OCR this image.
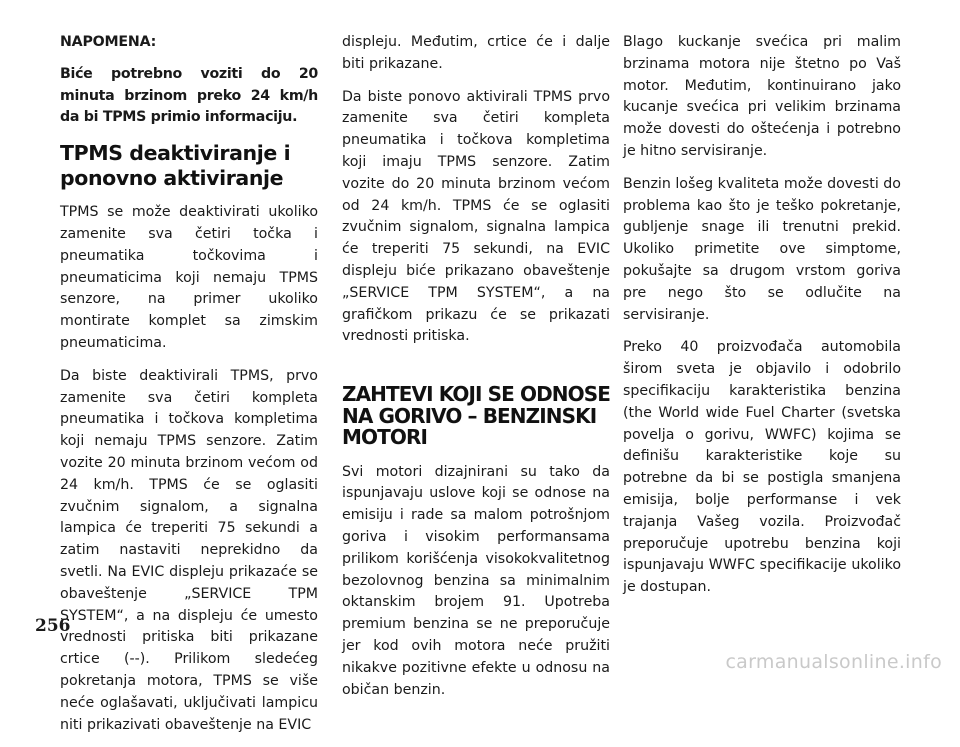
NAPOMENA:

Biće potrebno voziti do 20 minuta brzinom preko 24 km/h da bi TPMS primio informaciju.

TPMS deaktiviranje i ponovno aktiviranje

TPMS se može deaktivirati ukoliko zamenite sva četiri točka i pneumatika točkovima i pneumaticima koji nemaju TPMS senzore, na primer ukoliko montirate komplet sa zimskim pneumaticima.

Da biste deaktivirali TPMS, prvo zamenite sva četiri kompleta pneumatika i točkova kompletima koji nemaju TPMS senzore. Zatim vozite 20 minuta brzinom većom od 24 km/h. TPMS će se oglasiti zvučnim signalom, a signalna lampica će treperiti 75 sekundi a zatim nastaviti neprekidno da svetli. Na EVIC displeju prikazaće se obaveštenje „SERVICE TPM SYSTEM“, a na displeju će umesto vrednosti pritiska biti prikazane crtice (--). Prilikom sledećeg pokretanja motora, TPMS se više neće oglašavati, uključivati lampicu niti prikazivati obaveštenje na EVIC

displeju. Međutim, crtice će i dalje biti prikazane.

Da biste ponovo aktivirali TPMS prvo zamenite sva četiri kompleta pneumatika i točkova kompletima koji imaju TPMS senzore. Zatim vozite do 20 minuta brzinom većom od 24 km/h. TPMS će se oglasiti zvučnim signalom, signalna lampica će treperiti 75 sekundi, na EVIC displeju biće prikazano obaveštenje „SERVICE TPM SYSTEM“, a na grafičkom prikazu će se prikazati vrednosti pritiska.

ZAHTEVI KOJI SE ODNOSE NA GORIVO – BENZINSKI MOTORI

Svi motori dizajnirani su tako da ispunjavaju uslove koji se odnose na emisiju i rade sa malom potrošnjom goriva i visokim performansama prilikom korišćenja visokokvalitetnog bezolovnog benzina sa minimalnim oktanskim brojem 91. Upotreba premium benzina se ne preporučuje jer kod ovih motora neće pružiti nikakve pozitivne efekte u odnosu na običan benzin.

Blago kuckanje svećica pri malim brzinama motora nije štetno po Vaš motor. Međutim, kontinuirano jako kucanje svećica pri velikim brzinama može dovesti do oštećenja i potrebno je hitno servisiranje.

Benzin lošeg kvaliteta može dovesti do problema kao što je teško pokretanje, gubljenje snage ili trenutni prekid. Ukoliko primetite ove simptome, pokušajte sa drugom vrstom goriva pre nego što se odlučite na servisiranje.

Preko 40 proizvođača automobila širom sveta je objavilo i odobrilo specifikaciju karakteristika benzina (the World wide Fuel Charter (svetska povelja o gorivu, WWFC) kojima se definišu karakteristike koje su potrebne da bi se postigla smanjena emisija, bolje performanse i vek trajanja Vašeg vozila. Proizvođač preporučuje upotrebu benzina koji ispunjavaju WWFC specifikacije ukoliko je dostupan.

256
carmanualsonline.info
